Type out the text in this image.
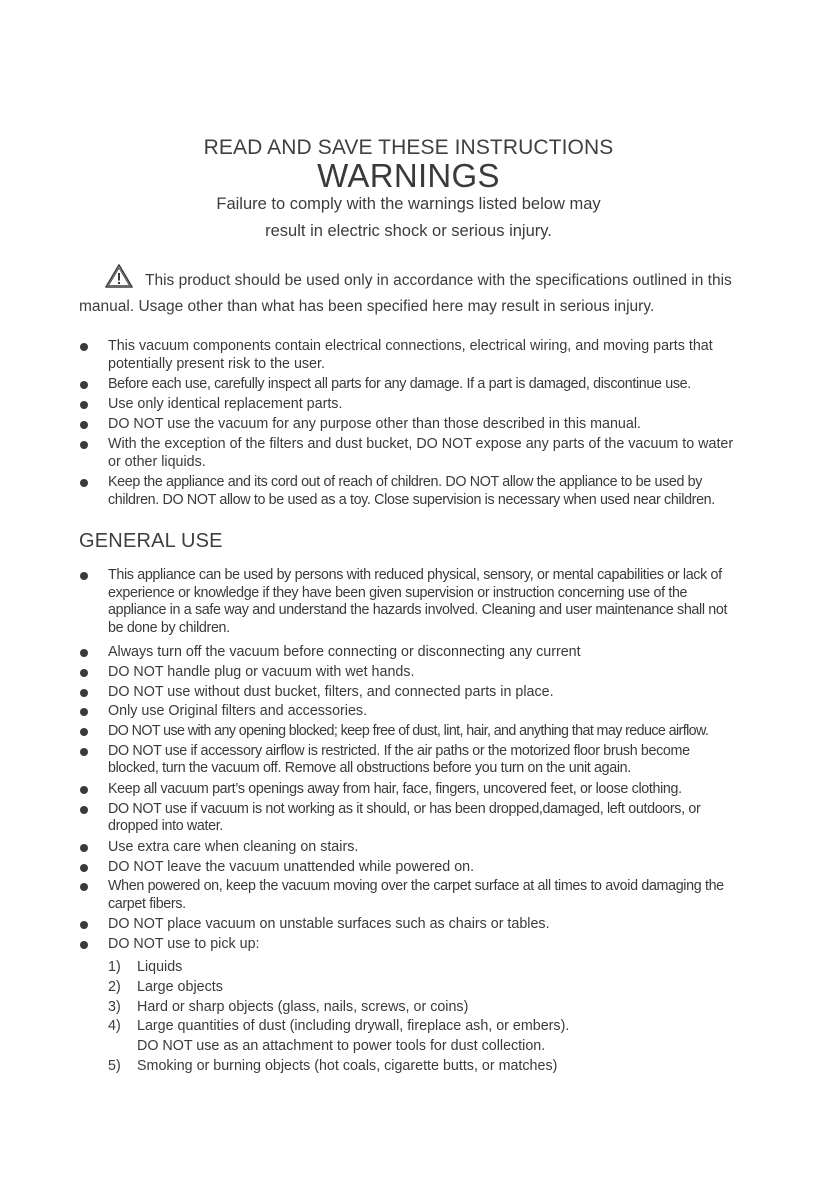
READ AND SAVE THESE INSTRUCTIONS
WARNINGS
Failure to comply with the warnings listed below may
result in electric shock or serious injury.
This product should be used only in accordance with the specifications outlined in this manual. Usage other than what has been specified here may result in serious injury.
This vacuum components contain electrical connections, electrical wiring, and moving parts that potentially present risk to the user.
Before each use, carefully inspect all parts for any damage. If a part is damaged, discontinue use.
Use only identical replacement parts.
DO NOT use the vacuum for any purpose other than those described in this manual.
With the exception of the filters and dust bucket, DO NOT expose any parts of the vacuum to water or other liquids.
Keep the appliance and its cord out of reach of children. DO NOT allow the appliance to be used by children. DO NOT allow to be used as a toy. Close supervision is necessary when used near children.
GENERAL USE
This appliance can be used by persons with reduced physical, sensory, or mental capabilities or lack of experience or knowledge if they have been given supervision or instruction concerning use of the appliance in a safe way and understand the hazards involved. Cleaning and user maintenance shall not be done by children.
Always turn off the vacuum before connecting or disconnecting any current
DO NOT handle plug or vacuum with wet hands.
DO NOT use without dust bucket, filters, and connected parts in place.
Only use Original filters and accessories.
DO NOT use with any opening blocked; keep free of dust, lint, hair, and anything that may reduce airflow.
DO NOT use if accessory airflow is restricted. If the air paths or the motorized floor brush become blocked, turn the vacuum off. Remove all obstructions before you turn on the unit again.
Keep all vacuum part’s openings away from hair, face, fingers, uncovered feet, or loose clothing.
DO NOT use if vacuum is not working as it should, or has been dropped,damaged, left outdoors, or dropped into water.
Use extra care when cleaning on stairs.
DO NOT leave the vacuum unattended while powered on.
When powered on, keep the vacuum moving over the carpet surface at all times to avoid damaging the carpet fibers.
DO NOT place vacuum on unstable surfaces such as chairs or tables.
DO NOT use to pick up:
1) Liquids
2) Large objects
3) Hard or sharp objects (glass, nails, screws, or coins)
4) Large quantities of dust (including drywall, fireplace ash, or embers).
DO NOT use as an attachment to power tools for dust collection.
5) Smoking or burning objects (hot coals, cigarette butts, or matches)
